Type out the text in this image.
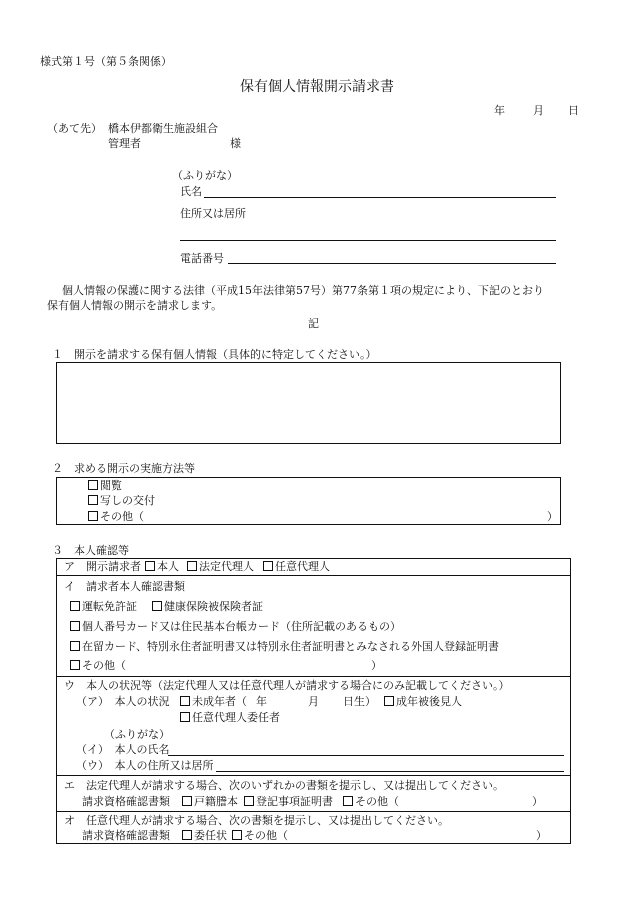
様式第１号（第５条関係）
保有個人情報開示請求書
年	月 日
（あて先） 橋本伊都衛生施設組合
管理者	様
（ふりがな）
氏名
住所又は居所
電話番号
個人情報の保護に関する法律（平成15年法律第57号）第77条第１項の規定により、下記のとおり
保有個人情報の開示を請求します。
記
１　開示を請求する保有個人情報（具体的に特定してください。）
２　求める開示の実施方法等
閲覧
写しの交付
その他（	）
３　本人確認等
ア　開示請求者	本人	法定代理人	任意代理人
イ　請求者本人確認書類
運転免許証	健康保険被保険者証
個人番号カード又は住民基本台帳カード（住所記載のあるもの）
在留カード、特別永住者証明書又は特別永住者証明書とみなされる外国人登録証明書
その他（	）
ウ　本人の状況等（法定代理人又は任意代理人が請求する場合にのみ記載してください。）
（ア）　本人の状況	未成年者（ 年	月 日生）	成年被後見人
任意代理人委任者
（ふりがな）
（イ）　本人の氏名
（ウ）　本人の住所又は居所
エ　法定代理人が請求する場合、次のいずれかの書類を提示し、又は提出してください。
請求資格確認書類	戸籍謄本	登記事項証明書	その他（	）
オ　任意代理人が請求する場合、次の書類を提示し、又は提出してください。
請求資格確認書類	委任状	その他（	）
